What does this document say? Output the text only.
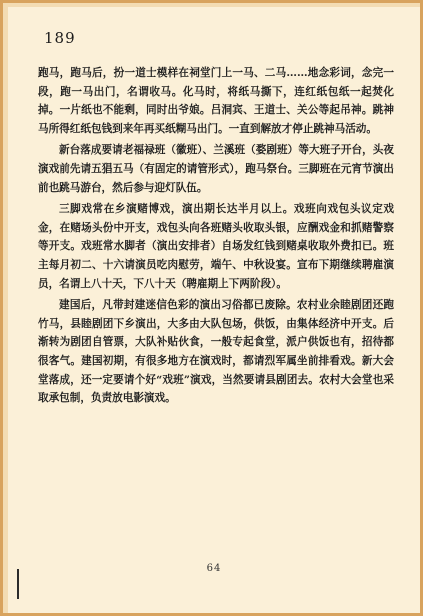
189

跑马，跑马后，扮一道士模样在祠堂门上一马、二马……地念彩词，念完一段，跑一马出门，名谓收马。化马时，将纸马撕下，连红纸包纸一起焚化掉。一片纸也不能剩，同时出爷娘。吕洞宾、王道士、关公等起吊神。跳神马所得红纸包钱到来年再买纸糊马出门。一直到解放才停止跳神马活动。

新台落成要请老福禄班（徽班）、兰溪班（婺剧班）等大班子开台，头夜演戏前先请五猖五马（有固定的请管形式），跑马祭台。三脚班在元宵节演出前也跳马游台，然后参与迎灯队伍。

三脚戏常在乡演赌博戏，演出期长达半月以上。戏班向戏包头议定戏金，在赌场头份中开支，戏包头向各班赌头收取头银，应酬戏金和抓赌警察等开支。戏班常水脚者（演出安排者）自场发红钱到赌桌收取外费扣已。班主每月初二、十六请演员吃肉慰劳，端午、中秋设宴。宣布下期继续聘雇演员，名谓上八十天，下八十天（聘雇期上下两阶段）。

建国后，凡带封建迷信色彩的演出习俗都已废除。农村业余睦剧团还跑竹马，县睦剧团下乡演出，大多由大队包场，供饭，由集体经济中开支。后渐转为剧团自管票，大队补贴伙食，一般专起食堂，派户供饭也有，招待都很客气。建国初期，有很多地方在演戏时，都请烈军属坐前排看戏。新大会堂落成，还一定要请个好“戏班”演戏，当然要请县剧团去。农村大会堂也采取承包制，负责放电影演戏。

64
